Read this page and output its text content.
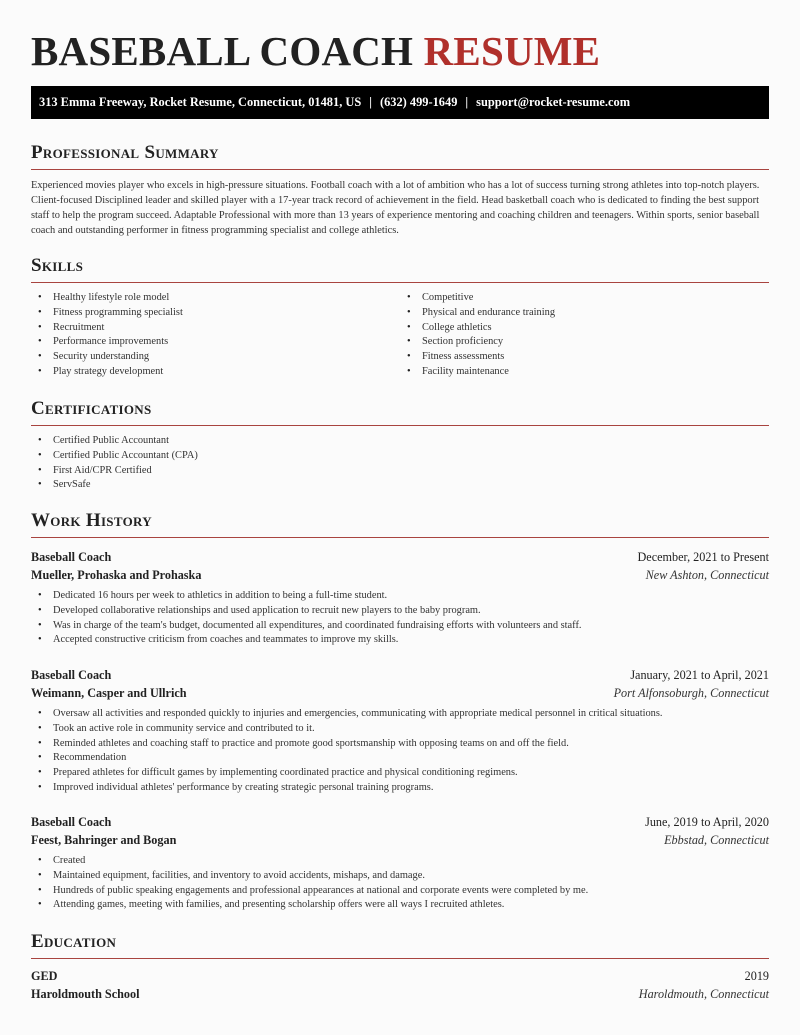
BASEBALL COACH RESUME
313 Emma Freeway, Rocket Resume, Connecticut, 01481, US | (632) 499-1649 | support@rocket-resume.com
Professional Summary

Experienced movies player who excels in high-pressure situations. Football coach with a lot of ambition who has a lot of success turning strong athletes into top-notch players. Client-focused Disciplined leader and skilled player with a 17-year track record of achievement in the field. Head basketball coach who is dedicated to finding the best support staff to help the program succeed. Adaptable Professional with more than 13 years of experience mentoring and coaching children and teenagers. Within sports, senior baseball coach and outstanding performer in fitness programming specialist and college athletics.

Skills
• Healthy lifestyle role model
• Fitness programming specialist
• Recruitment
• Performance improvements
• Security understanding
• Play strategy development
• Competitive
• Physical and endurance training
• College athletics
• Section proficiency
• Fitness assessments
• Facility maintenance
Certifications
• Certified Public Accountant
• Certified Public Accountant (CPA)
• First Aid/CPR Certified
• ServSafe
Work History
Baseball Coach	December, 2021 to Present
Mueller, Prohaska and Prohaska	New Ashton, Connecticut
• Dedicated 16 hours per week to athletics in addition to being a full-time student.
• Developed collaborative relationships and used application to recruit new players to the baby program.
• Was in charge of the team's budget, documented all expenditures, and coordinated fundraising efforts with volunteers and staff.
• Accepted constructive criticism from coaches and teammates to improve my skills.
Baseball Coach	January, 2021 to April, 2021
Weimann, Casper and Ullrich	Port Alfonsoburgh, Connecticut
• Oversaw all activities and responded quickly to injuries and emergencies, communicating with appropriate medical personnel in critical situations.
• Took an active role in community service and contributed to it.
• Reminded athletes and coaching staff to practice and promote good sportsmanship with opposing teams on and off the field.
• Recommendation
• Prepared athletes for difficult games by implementing coordinated practice and physical conditioning regimens.
• Improved individual athletes' performance by creating strategic personal training programs.
Baseball Coach	June, 2019 to April, 2020
Feest, Bahringer and Bogan	Ebbstad, Connecticut
• Created
• Maintained equipment, facilities, and inventory to avoid accidents, mishaps, and damage.
• Hundreds of public speaking engagements and professional appearances at national and corporate events were completed by me.
• Attending games, meeting with families, and presenting scholarship offers were all ways I recruited athletes.
Education
GED	2019
Haroldmouth School	Haroldmouth, Connecticut
